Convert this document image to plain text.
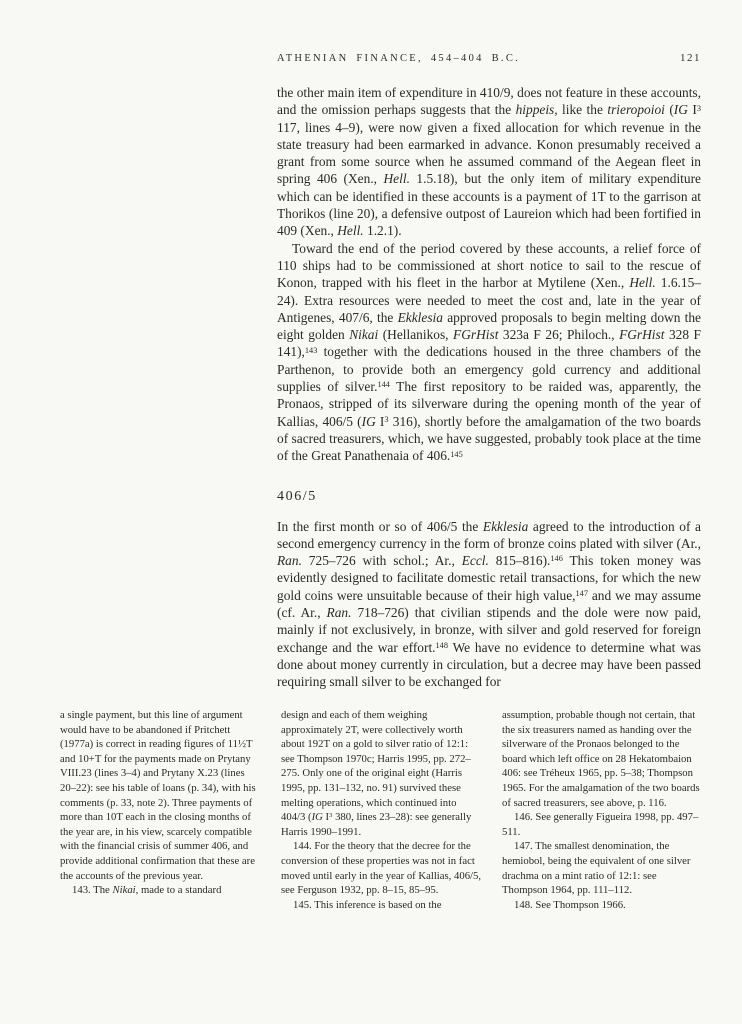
ATHENIAN FINANCE, 454–404 B.C.	121

the other main item of expenditure in 410/9, does not feature in these accounts, and the omission perhaps suggests that the hippeis, like the trieropoioi (IG $I^3$ 117, lines 4–9), were now given a fixed allocation for which revenue in the state treasury had been earmarked in advance. Konon presumably received a grant from some source when he assumed command of the Aegean fleet in spring 406 (Xen., Hell. 1.5.18), but the only item of military expenditure which can be identified in these accounts is a payment of 1T to the garrison at Thorikos (line 20), a defensive outpost of Laureion which had been fortified in 409 (Xen., Hell. 1.2.1).

Toward the end of the period covered by these accounts, a relief force of 110 ships had to be commissioned at short notice to sail to the rescue of Konon, trapped with his fleet in the harbor at Mytilene (Xen., Hell. 1.6.15–24). Extra resources were needed to meet the cost and, late in the year of Antigenes, 407/6, the Ekklesia approved proposals to begin melting down the eight golden Nikai (Hellanikos, FGrHist 323a F 26; Philoch., FGrHist 328 F 141),$^{143}$ together with the dedications housed in the three chambers of the Parthenon, to provide both an emergency gold currency and additional supplies of silver.$^{144}$ The first repository to be raided was, apparently, the Pronaos, stripped of its silverware during the opening month of the year of Kallias, 406/5 (IG $I^3$ 316), shortly before the amalgamation of the two boards of sacred treasurers, which, we have suggested, probably took place at the time of the Great Panathenaia of 406.$^{145}$

406/5

In the first month or so of 406/5 the Ekklesia agreed to the introduction of a second emergency currency in the form of bronze coins plated with silver (Ar., Ran. 725–726 with schol.; Ar., Eccl. 815–816).$^{146}$ This token money was evidently designed to facilitate domestic retail transactions, for which the new gold coins were unsuitable because of their high value,$^{147}$ and we may assume (cf. Ar., Ran. 718–726) that civilian stipends and the dole were now paid, mainly if not exclusively, in bronze, with silver and gold reserved for foreign exchange and the war effort.$^{148}$ We have no evidence to determine what was done about money currently in circulation, but a decree may have been passed requiring small silver to be exchanged for

a single payment, but this line of argument would have to be abandoned if Pritchett (1977a) is correct in reading figures of 11½T and 10+T for the payments made on Prytany VIII.23 (lines 3–4) and Prytany X.23 (lines 20–22): see his table of loans (p. 34), with his comments (p. 33, note 2). Three payments of more than 10T each in the closing months of the year are, in his view, scarcely compatible with the financial crisis of summer 406, and provide additional confirmation that these are the accounts of the previous year.

143. The Nikai, made to a standard

design and each of them weighing approximately 2T, were collectively worth about 192T on a gold to silver ratio of 12:1: see Thompson 1970c; Harris 1995, pp. 272–275. Only one of the original eight (Harris 1995, pp. 131–132, no. 91) survived these melting operations, which continued into 404/3 (IG $I^3$ 380, lines 23–28): see generally Harris 1990–1991.

144. For the theory that the decree for the conversion of these properties was not in fact moved until early in the year of Kallias, 406/5, see Ferguson 1932, pp. 8–15, 85–95.

145. This inference is based on the

assumption, probable though not certain, that the six treasurers named as handing over the silverware of the Pronaos belonged to the board which left office on 28 Hekatombaion 406: see Tréheux 1965, pp. 5–38; Thompson 1965. For the amalgamation of the two boards of sacred treasurers, see above, p. 116.

146. See generally Figueira 1998, pp. 497–511.

147. The smallest denomination, the hemiobol, being the equivalent of one silver drachma on a mint ratio of 12:1: see Thompson 1964, pp. 111–112.

148. See Thompson 1966.
